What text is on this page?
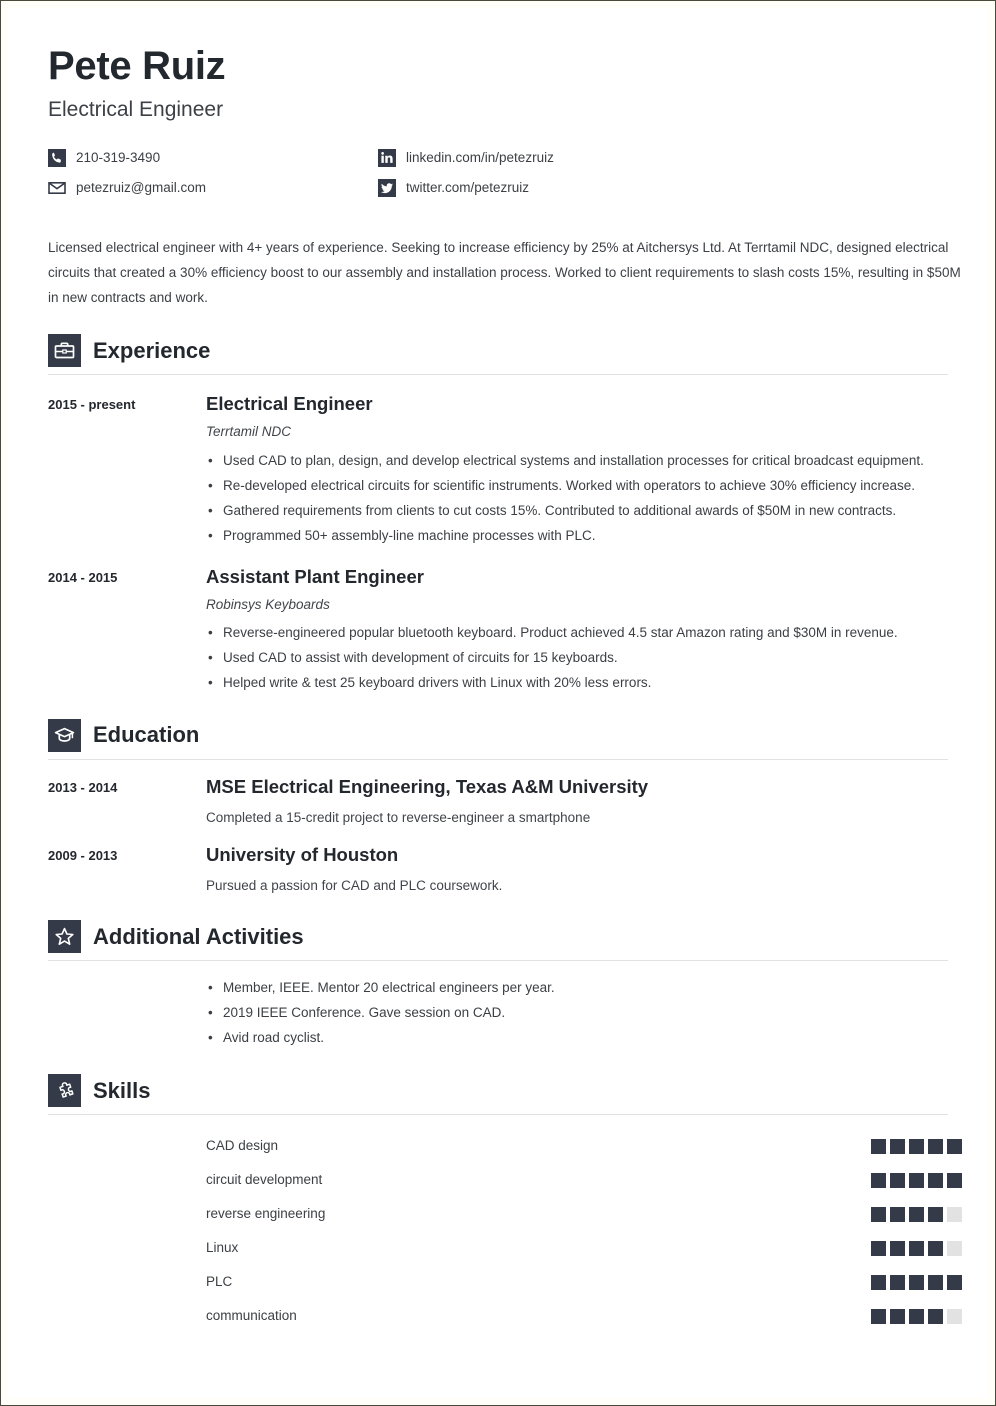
Pete Ruiz
Electrical Engineer
210-319-3490	linkedin.com/in/petezruiz
petezruiz@gmail.com	twitter.com/petezruiz
Licensed electrical engineer with 4+ years of experience. Seeking to increase efficiency by 25% at Aitchersys Ltd. At Terrtamil NDC, designed electrical circuits that created a 30% efficiency boost to our assembly and installation process. Worked to client requirements to slash costs 15%, resulting in $50M in new contracts and work.
Experience
2015 - present	Electrical Engineer
Terrtamil NDC
• Used CAD to plan, design, and develop electrical systems and installation processes for critical broadcast equipment.
• Re-developed electrical circuits for scientific instruments. Worked with operators to achieve 30% efficiency increase.
• Gathered requirements from clients to cut costs 15%. Contributed to additional awards of $50M in new contracts.
• Programmed 50+ assembly-line machine processes with PLC.
2014 - 2015	Assistant Plant Engineer
Robinsys Keyboards
• Reverse-engineered popular bluetooth keyboard. Product achieved 4.5 star Amazon rating and $30M in revenue.
• Used CAD to assist with development of circuits for 15 keyboards.
• Helped write & test 25 keyboard drivers with Linux with 20% less errors.
Education
2013 - 2014	MSE Electrical Engineering, Texas A&M University
Completed a 15-credit project to reverse-engineer a smartphone
2009 - 2013	University of Houston
Pursued a passion for CAD and PLC coursework.
Additional Activities
• Member, IEEE. Mentor 20 electrical engineers per year.
• 2019 IEEE Conference. Gave session on CAD.
• Avid road cyclist.
Skills
CAD design
circuit development
reverse engineering
Linux
PLC
communication
